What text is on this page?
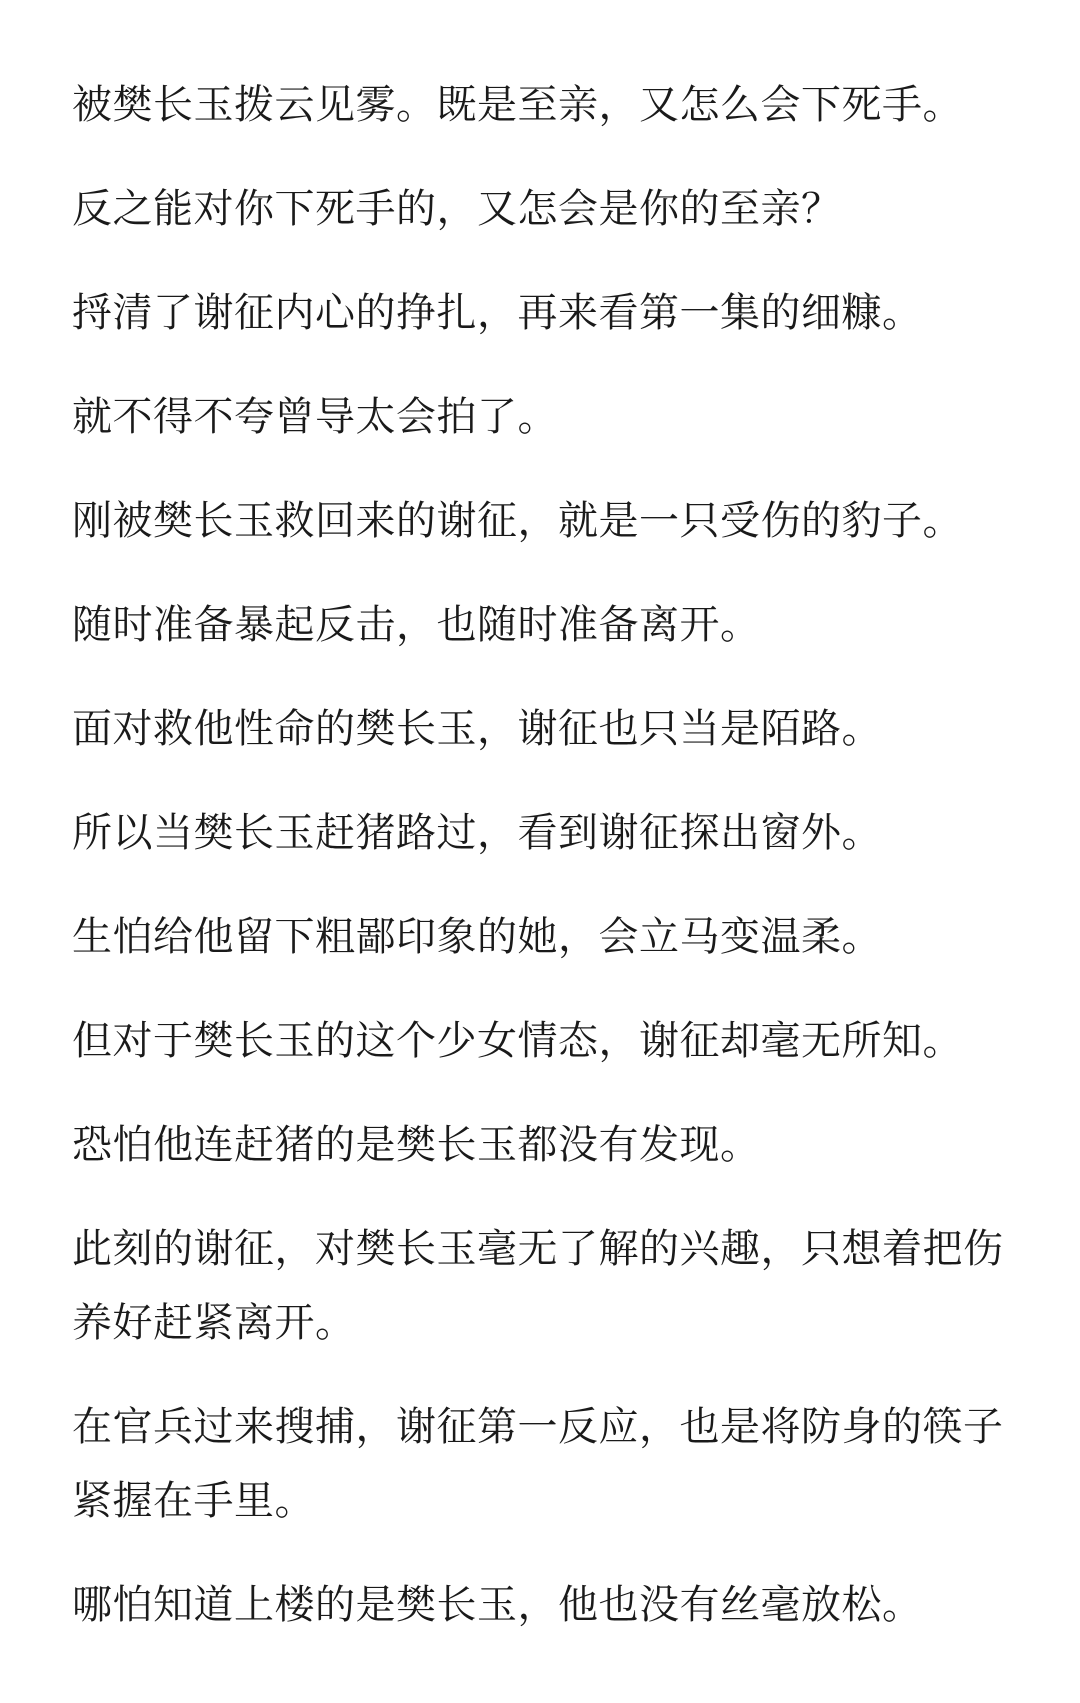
被樊长玉拨云见雾。既是至亲，又怎么会下死手。

反之能对你下死手的，又怎会是你的至亲？

捋清了谢征内心的挣扎，再来看第一集的细糠。

就不得不夸曾导太会拍了。

刚被樊长玉救回来的谢征，就是一只受伤的豹子。

随时准备暴起反击，也随时准备离开。

面对救他性命的樊长玉，谢征也只当是陌路。

所以当樊长玉赶猪路过，看到谢征探出窗外。

生怕给他留下粗鄙印象的她，会立马变温柔。

但对于樊长玉的这个少女情态，谢征却毫无所知。

恐怕他连赶猪的是樊长玉都没有发现。

此刻的谢征，对樊长玉毫无了解的兴趣，只想着把伤养好赶紧离开。

在官兵过来搜捕，谢征第一反应，也是将防身的筷子紧握在手里。

哪怕知道上楼的是樊长玉，他也没有丝毫放松。
